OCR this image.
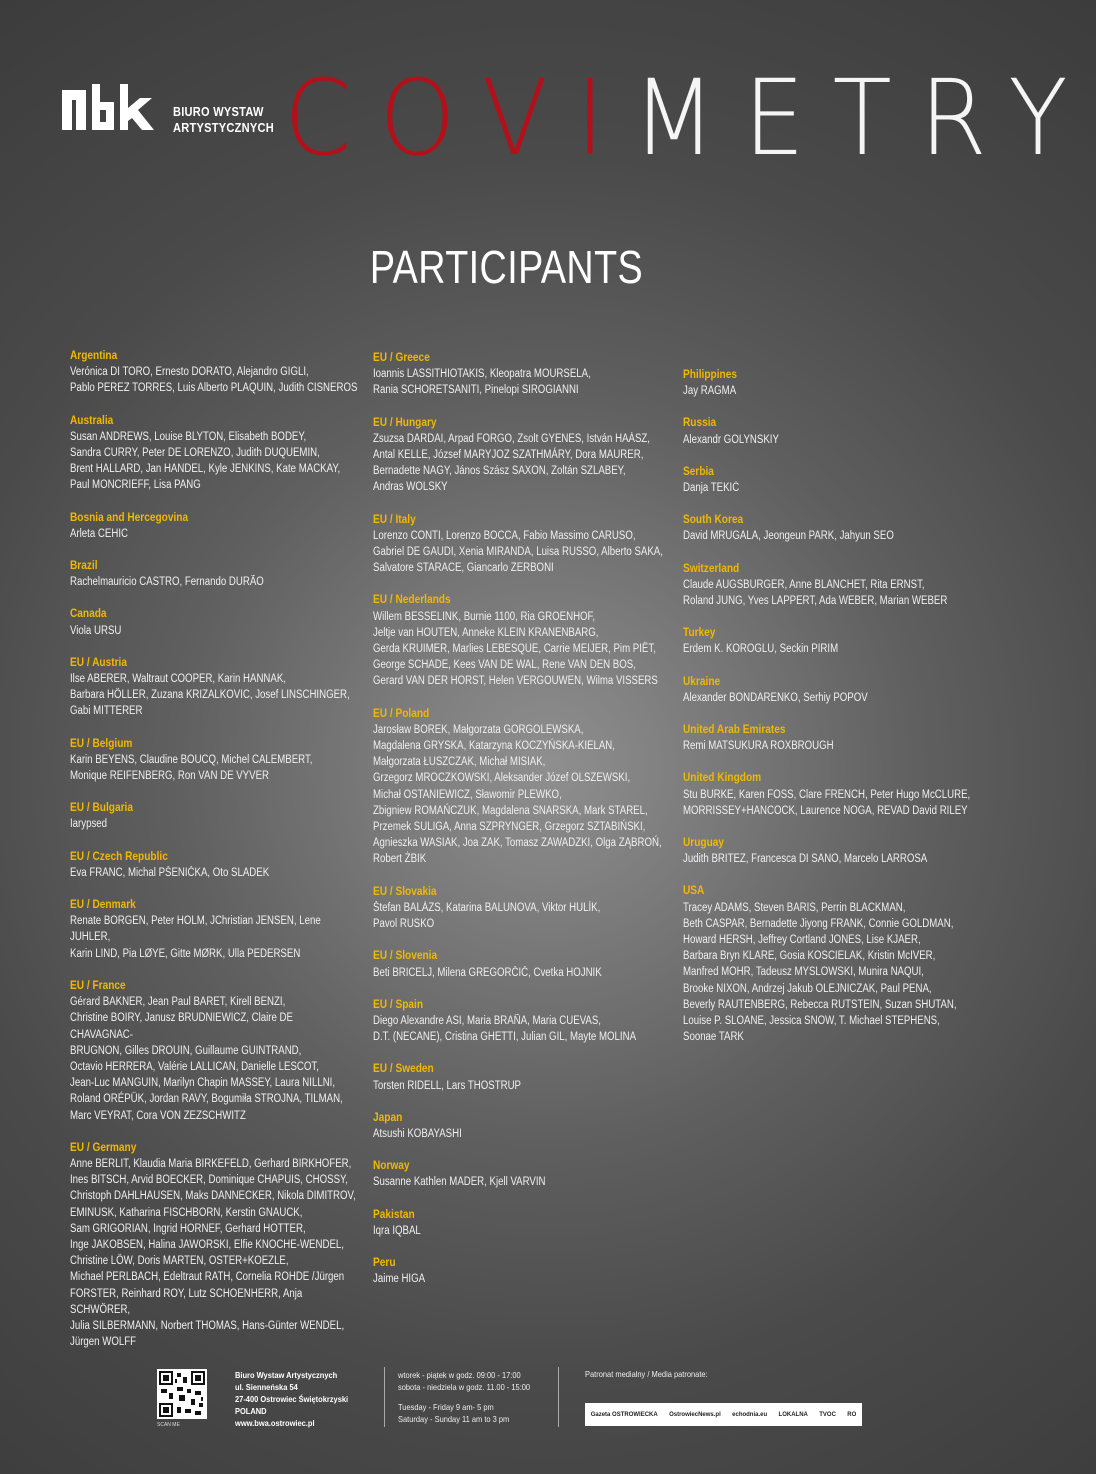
BIURO WYSTAW
ARTYSTYCZNYCH COVIMETRY
PARTICIPANTS
Argentina
Verónica DI TORO, Ernesto DORATO, Alejandro GIGLI,
Pablo PEREZ TORRES, Luis Alberto PLAQUIN, Judith CISNEROS
Australia
Susan ANDREWS, Louise BLYTON, Elisabeth BODEY,
Sandra CURRY, Peter DE LORENZO, Judith DUQUEMIN,
Brent HALLARD, Jan HANDEL, Kyle JENKINS, Kate MACKAY,
Paul MONCRIEFF, Lisa PANG
Bosnia and Hercegovina
Arleta CEHIC
Brazil
Rachelmauricio CASTRO, Fernando DURÃO
Canada
Viola URSU
EU / Austria
Ilse ABERER, Waltraut COOPER, Karin HANNAK,
Barbara HÖLLER, Zuzana KRIZALKOVIC, Josef LINSCHINGER,
Gabi MITTERER
EU / Belgium
Karin BEYENS, Claudine BOUCQ, Michel CALEMBERT,
Monique REIFENBERG, Ron VAN DE VYVER
EU / Bulgaria
Iarypsed
EU / Czech Republic
Eva FRANC, Michal PŠENIČKA, Oto SLADEK
EU / Denmark
Renate BORGEN, Peter HOLM, JChristian JENSEN, Lene JUHLER,
Karin LIND, Pia LØYE, Gitte MØRK, Ulla PEDERSEN
EU / France
Gérard BAKNER, Jean Paul BARET, Kirell BENZI,
Christine BOIRY, Janusz BRUDNIEWICZ, Claire DE CHAVAGNAC-
BRUGNON, Gilles DROUIN, Guillaume GUINTRAND,
Octavio HERRERA, Valérie LALLICAN, Danielle LESCOT,
Jean-Luc MANGUIN, Marilyn Chapin MASSEY, Laura NILLNI,
Roland ORÉPÜK, Jordan RAVY, Bogumiła STROJNA, TILMAN,
Marc VEYRAT, Cora VON ZEZSCHWITZ
EU / Germany
Anne BERLIT, Klaudia Maria BIRKEFELD, Gerhard BIRKHOFER,
Ines BITSCH, Arvid BOECKER, Dominique CHAPUIS, CHOSSY,
Christoph DAHLHAUSEN, Maks DANNECKER, Nikola DIMITROV,
EMINUSK, Katharina FISCHBORN, Kerstin GNAUCK,
Sam GRIGORIAN, Ingrid HORNEF, Gerhard HOTTER,
Inge JAKOBSEN, Halina JAWORSKI, Elfie KNOCHE-WENDEL,
Christine LÖW, Doris MARTEN, OSTER+KOEZLE,
Michael PERLBACH, Edeltraut RATH, Cornelia ROHDE /Jürgen
FORSTER, Reinhard ROY, Lutz SCHOENHERR, Anja SCHWÖRER,
Julia SILBERMANN, Norbert THOMAS, Hans-Günter WENDEL,
Jürgen WOLFF
EU / Greece
Ioannis LASSITHIOTAKIS, Kleopatra MOURSELA,
Rania SCHORETSANITI, Pinelopi SIROGIANNI
EU / Hungary
Zsuzsa DARDAI, Arpad FORGO, Zsolt GYENES, István HAÁSZ,
Antal KELLE, József MARYJOZ SZATHMÁRY, Dora MAURER,
Bernadette NAGY, János Szász SAXON, Zoltán SZLABEY,
Andras WOLSKY
EU / Italy
Lorenzo CONTI, Lorenzo BOCCA, Fabio Massimo CARUSO,
Gabriel DE GAUDI, Xenia MIRANDA, Luisa RUSSO, Alberto SAKA,
Salvatore STARACE, Giancarlo ZERBONI
EU / Nederlands
Willem BESSELINK, Burnie 1100, Ria GROENHOF,
Jeltje van HOUTEN, Anneke KLEIN KRANENBARG,
Gerda KRUIMER, Marlies LEBESQUE, Carrie MEIJER, Pim PIËT,
George SCHADE, Kees VAN DE WAL, Rene VAN DEN BOS,
Gerard VAN DER HORST, Helen VERGOUWEN, Wilma VISSERS
EU / Poland
Jarosław BOREK, Małgorzata GORGOLEWSKA,
Magdalena GRYSKA, Katarzyna KOCZYŃSKA-KIELAN,
Małgorzata ŁUSZCZAK, Michał MISIAK,
Grzegorz MROCZKOWSKI, Aleksander Józef OLSZEWSKI,
Michał OSTANIEWICZ, Sławomir PLEWKO,
Zbigniew ROMAŃCZUK, Magdalena SNARSKA, Mark STAREL,
Przemek SULIGA, Anna SZPRYNGER, Grzegorz SZTABIŃSKI,
Agnieszka WASIAK, Joa ZAK, Tomasz ZAWADZKI, Olga ZĄBROŃ,
Robert ŻBIK
EU / Slovakia
Štefan BALÁZS, Katarina BALUNOVA, Viktor HULÍK,
Pavol RUSKO
EU / Slovenia
Beti BRICELJ, Milena GREGORČIČ, Cvetka HOJNIK
EU / Spain
Diego Alexandre ASI, Maria BRAÑA, Maria CUEVAS,
D.T. (NECANE), Cristina GHETTI, Julian GIL, Mayte MOLINA
EU / Sweden
Torsten RIDELL, Lars THOSTRUP
Japan
Atsushi KOBAYASHI
Norway
Susanne Kathlen MADER, Kjell VARVIN
Pakistan
Iqra IQBAL
Peru
Jaime HIGA
Philippines
Jay RAGMA
Russia
Alexandr GOLYNSKIY
Serbia
Danja TEKIĆ
South Korea
David MRUGALA, Jeongeun PARK, Jahyun SEO
Switzerland
Claude AUGSBURGER, Anne BLANCHET, Rita ERNST,
Roland JUNG, Yves LAPPERT, Ada WEBER, Marian WEBER
Turkey
Erdem K. KOROGLU, Seckin PIRIM
Ukraine
Alexander BONDARENKO, Serhiy POPOV
United Arab Emirates
Remi MATSUKURA ROXBROUGH
United Kingdom
Stu BURKE, Karen FOSS, Clare FRENCH, Peter Hugo McCLURE,
MORRISSEY+HANCOCK, Laurence NOGA, REVAD David RILEY
Uruguay
Judith BRITEZ, Francesca DI SANO, Marcelo LARROSA
USA
Tracey ADAMS, Steven BARIS, Perrin BLACKMAN,
Beth CASPAR, Bernadette Jiyong FRANK, Connie GOLDMAN,
Howard HERSH, Jeffrey Cortland JONES, Lise KJAER,
Barbara Bryn KLARE, Gosia KOSCIELAK, Kristin McIVER,
Manfred MOHR, Tadeusz MYSLOWSKI, Munira NAQUI,
Brooke NIXON, Andrzej Jakub OLEJNICZAK, Paul PENA,
Beverly RAUTENBERG, Rebecca RUTSTEIN, Suzan SHUTAN,
Louise P. SLOANE, Jessica SNOW, T. Michael STEPHENS,
Soonae TARK
SCAN ME
Biuro Wystaw Artystycznych
ul. Sienneńska 54
27-400 Ostrowiec Świętokrzyski
POLAND
www.bwa.ostrowiec.pl
wtorek - piątek w godz. 09:00 - 17:00
sobota - niedziela w godz. 11.00 - 15:00
Tuesday - Friday 9 am- 5 pm
Saturday - Sunday 11 am to 3 pm
Patronat medialny / Media patronate:
Gazeta OSTROWIECKA OstrowiecNews.pl echodnia.eu LOKALNA TVOC RO
